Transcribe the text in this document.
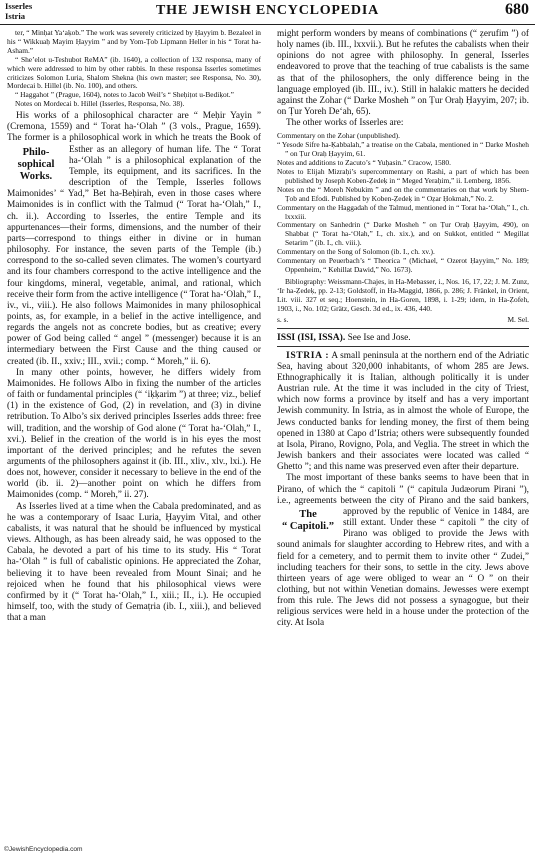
Isserles
Istria	THE JEWISH ENCYCLOPEDIA	680

ter, “ Minḥat Ya‘aḳob.” The work was severely criticized by Ḥayyim b. Bezaleel in his “ Wikkuaḥ Mayim Ḥayyim ” and by Yom-Ṭob Lipmann Heller in his “ Torat ha-Asham.”

“ She’elot u-Teshubot ReMA” (ib. 1640), a collection of 132 responsa, many of which were addressed to him by other rabbis. In these responsa Isserles sometimes criticizes Solomon Luria, Shalom Shekna (his own master; see Responsa, No. 30), Mordecai b. Hillel (ib. No. 100), and others.

“ Haggahot ” (Prague, 1604), notes to Jacob Weil’s “ Sheḥiṭot u-Bediḳot.”

Notes on Mordecai b. Hillel (Isserles, Responsa, No. 38).

His works of a philosophical character are “ Meḥir Yayin ” (Cremona, 1559) and “ Torat ha-‘Olah ” (3 vols., Prague, 1659). The former is a philosophical work in which he treats the Book of Esther as an
Philo-
sophical
Works.
allegory of human life. The “ Torat ha-‘Olah ” is a philosophical explanation of the Temple, its equipment, and its sacrifices. In the description of the Temple, Isserles follows Maimonides’ “ Yad,” Bet ha-Beḥirah, even in those cases where Maimonides is in conflict with the Talmud (“ Torat ha-‘Olah,” I., ch. ii.). According to Isserles, the entire Temple and its appurtenances—their forms, dimensions, and the number of their parts—correspond to things either in divine or in human philosophy. For instance, the seven parts of the Temple (ib.) correspond to the so-called seven climates. The women’s courtyard and its four chambers correspond to the active intelligence and the four kingdoms, mineral, vegetable, animal, and rational, which receive their form from the active intelligence (“ Torat ha-‘Olah,” I., iv., vi., viii.). He also follows Maimonides in many philosophical points, as, for example, in a belief in the active intelligence, and regards the angels not as concrete bodies, but as creative; every power of God being called “ angel ” (messenger) because it is an intermediary between the First Cause and the thing caused or created (ib. II., xxiv.; III., xvii.; comp. “ Moreh,” ii. 6).

In many other points, however, he differs widely from Maimonides. He follows Albo in fixing the number of the articles of faith or fundamental principles (“ ‘iḳḳarim ”) at three; viz., belief (1) in the existence of God, (2) in revelation, and (3) in divine retribution. To Albo’s six derived principles Isserles adds three: free will, tradition, and the worship of God alone (“ Torat ha-‘Olah,” I., xvi.). Belief in the creation of the world is in his eyes the most important of the derived principles; and he refutes the seven arguments of the philosophers against it (ib. III., xliv., xlv., lxi.). He does not, however, consider it necessary to believe in the end of the world (ib. ii. 2)—another point on which he differs from Maimonides (comp. “ Moreh,” ii. 27).

As Isserles lived at a time when the Cabala predominated, and as he was a contemporary of Isaac Luria, Ḥayyim Vital, and other cabalists, it was natural that he should be influenced by mystical views. Although, as has been already said, he was opposed to the Cabala, he devoted a part of his time to its study. His “ Torat ha-‘Olah ” is full of cabalistic opinions. He appreciated the Zohar, believing it to have been revealed from Mount Sinai; and he rejoiced when he found that his philosophical views were confirmed by it (“ Torat ha-‘Olah,” I., xiii.; II., i.). He occupied himself, too, with the study of Gemaṭria (ib. I., xiii.), and believed that a man

might perform wonders by means of combinations (“ ẓerufim ”) of holy names (ib. III., lxxvii.). But he refutes the cabalists when their opinions do not agree with philosophy. In general, Isserles endeavored to prove that the teaching of true cabalists is the same as that of the philosophers, the only difference being in the language employed (ib. III., iv.). Still in halakic matters he decided against the Zohar (“ Darke Mosheh ” on Ṭur Oraḥ Ḥayyim, 207; ib. on Ṭur Yoreh De‘ah, 65).

The other works of Isserles are:

Commentary on the Zohar (unpublished).

“ Yesode Sifre ha-Ḳabbalah,” a treatise on the Cabala, mentioned in “ Darke Mosheh ” on Ṭur Oraḥ Ḥayyim, 61.

Notes and additions to Zacuto’s “ Yuḥasin.” Cracow, 1580.

Notes to Elijah Mizraḥi’s supercommentary on Rashi, a part of which has been published by Joseph Koben-Ẓedeḳ in “ Meged Yeraḥim,” ii. Lemberg, 1856.

Notes on the “ Moreh Nebukim ” and on the commentaries on that work by Shem-Ṭob and Efodi. Published by Koben-Ẓedeḳ in “ Oẓar Ḥokmah,” No. 2.

Commentary on the Haggadah of the Talmud, mentioned in “ Torat ha-‘Olah,” I., ch. lxxxiii.

Commentary on Sanhedrin (“ Darke Mosheh ” on Ṭur Oraḥ Ḥayyim, 490), on Shabbat (“ Torat ha-‘Olah,” I., ch. xix.), and on Sukkot, entitled “ Megillat Setarim ” (ib. I., ch. viii.).

Commentary on the Song of Solomon (ib. I., ch. xv.).

Commentary on Peuerbach’s “ Theorica ” (Michael, “ Ozerot Ḥayyim,” No. 189; Oppenheim, “ Kehillat Dawid,” No. 1673).

Bibliography: Weissmann-Chajes, in Ha-Mebasser, i., Nos. 16, 17, 22; J. M. Zunz, ‘Ir ha-Ẓedeḳ, pp. 2-13; Goldstoff, in Ha-Maggid, 1866, p. 286; J. Fränkel, in Orient, Lit. viii. 327 et seq.; Hoenstein, in Ha-Goren, 1898, i. 1-29; idem, in Ha-Ẓofeh, 1903, i., No. 102; Grätz, Gesch. 3d ed., ix. 436, 440.

s. s.	M. Sel.

ISSI (ISI, ISSA). See Ise and Jose.

ISTRIA : A small peninsula at the northern end of the Adriatic Sea, having about 320,000 inhabitants, of whom 285 are Jews. Ethnographically it is Italian, although politically it is under Austrian rule. At the time it was included in the city of Triest, which now forms a province by itself and has a very important Jewish community. In Istria, as in almost the whole of Europe, the Jews conducted banks for lending money, the first of them being opened in 1380 at Capo d’Istria; others were subsequently founded at Isola, Pirano, Rovigno, Pola, and Veglia. The street in which the Jewish bankers and their associates were located was called “ Ghetto ”; and this name was preserved even after their departure.

The most important of these banks seems to have been that in Pirano, of which the “ capitoli ” (“ capitula Judæorum Pirani ”), i.e., agreements between the city of Pirano and the said bankers, approved
The
“ Capitoli.”
by the republic of Venice in 1484, are still extant. Under these “ capitoli ” the city of Pirano was obliged to provide the Jews with sound animals for slaughter according to Hebrew rites, and with a field for a cemetery, and to permit them to invite other “ Zudei,” including teachers for their sons, to settle in the city. Jews above thirteen years of age were obliged to wear an “ O ” on their clothing, but not within Venetian domains. Jewesses were exempt from this rule. The Jews did not possess a synagogue, but their religious services were held in a house under the protection of the city. At Isola

©JewishEncyclopedia.com
